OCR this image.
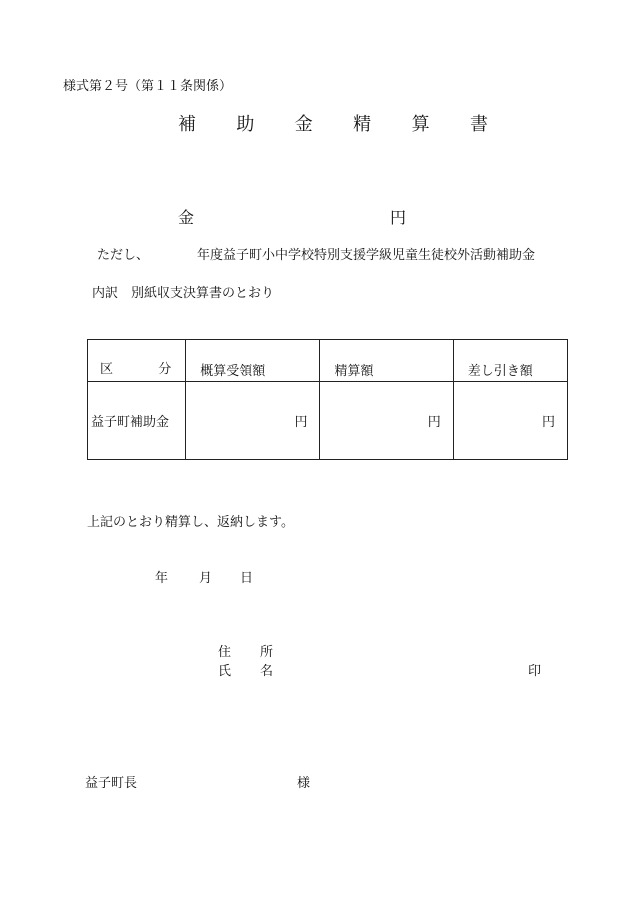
様式第２号（第１１条関係）
補 助 金 精 算 書
金	円
ただし、	年度益子町小中学校特別支援学級児童生徒校外活動補助金
内訳　別紙収支決算書のとおり
区 分	概算受領額	精算額	差し引き額
益子町補助金	円	円	円
上記のとおり精算し、返納します。
年 月 日
住 所
氏 名	印
益子町長	様
